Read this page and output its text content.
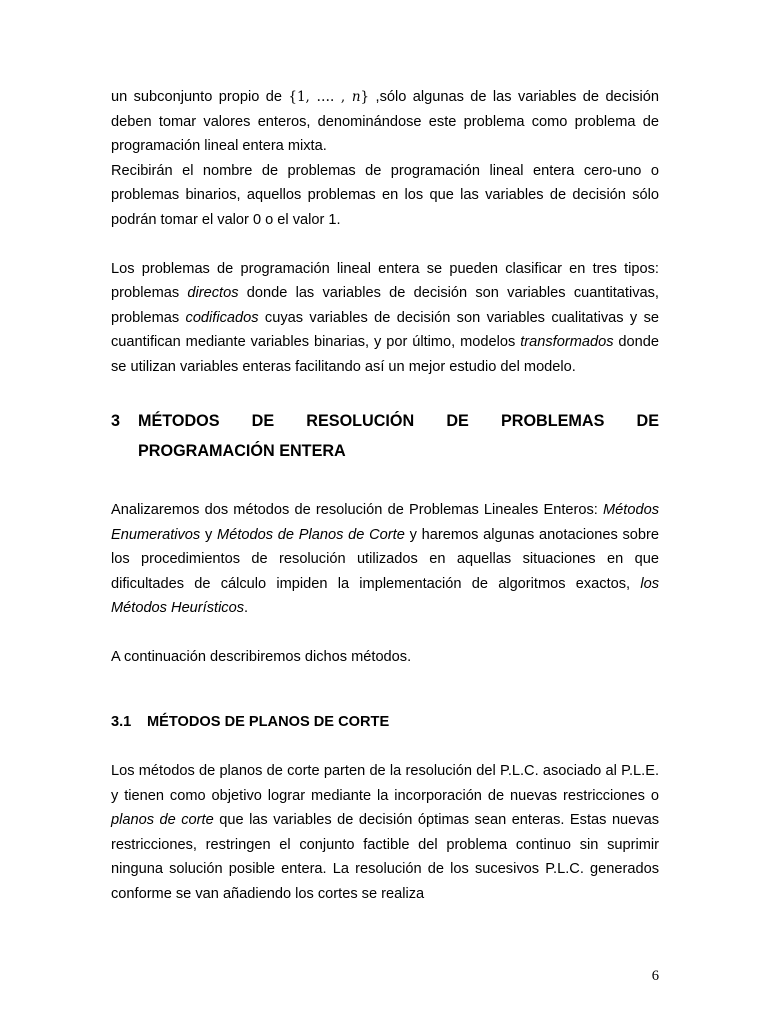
un subconjunto propio de {1, …. , n} ,sólo algunas de las variables de decisión deben tomar valores enteros, denominándose este problema como problema de programación lineal entera mixta.

Recibirán el nombre de problemas de programación lineal entera cero-uno o problemas binarios, aquellos problemas en los que las variables de decisión sólo podrán tomar el valor 0 o el valor 1.

Los problemas de programación lineal entera se pueden clasificar en tres tipos: problemas directos donde las variables de decisión son variables cuantitativas, problemas codificados cuyas variables de decisión son variables cualitativas y se cuantifican mediante variables binarias, y por último, modelos transformados donde se utilizan variables enteras facilitando así un mejor estudio del modelo.

3	MÉTODOS DE RESOLUCIÓN DE PROBLEMAS DE
PROGRAMACIÓN ENTERA

Analizaremos dos métodos de resolución de Problemas Lineales Enteros: Métodos Enumerativos y Métodos de Planos de Corte y haremos algunas anotaciones sobre los procedimientos de resolución utilizados en aquellas situaciones en que dificultades de cálculo impiden la implementación de algoritmos exactos, los Métodos Heurísticos.

A continuación describiremos dichos métodos.

3.1	MÉTODOS DE PLANOS DE CORTE

Los métodos de planos de corte parten de la resolución del P.L.C. asociado al P.L.E. y tienen como objetivo lograr mediante la incorporación de nuevas restricciones o planos de corte que las variables de decisión óptimas sean enteras. Estas nuevas restricciones, restringen el conjunto factible del problema continuo sin suprimir ninguna solución posible entera. La resolución de los sucesivos P.L.C. generados conforme se van añadiendo los cortes se realiza

6
